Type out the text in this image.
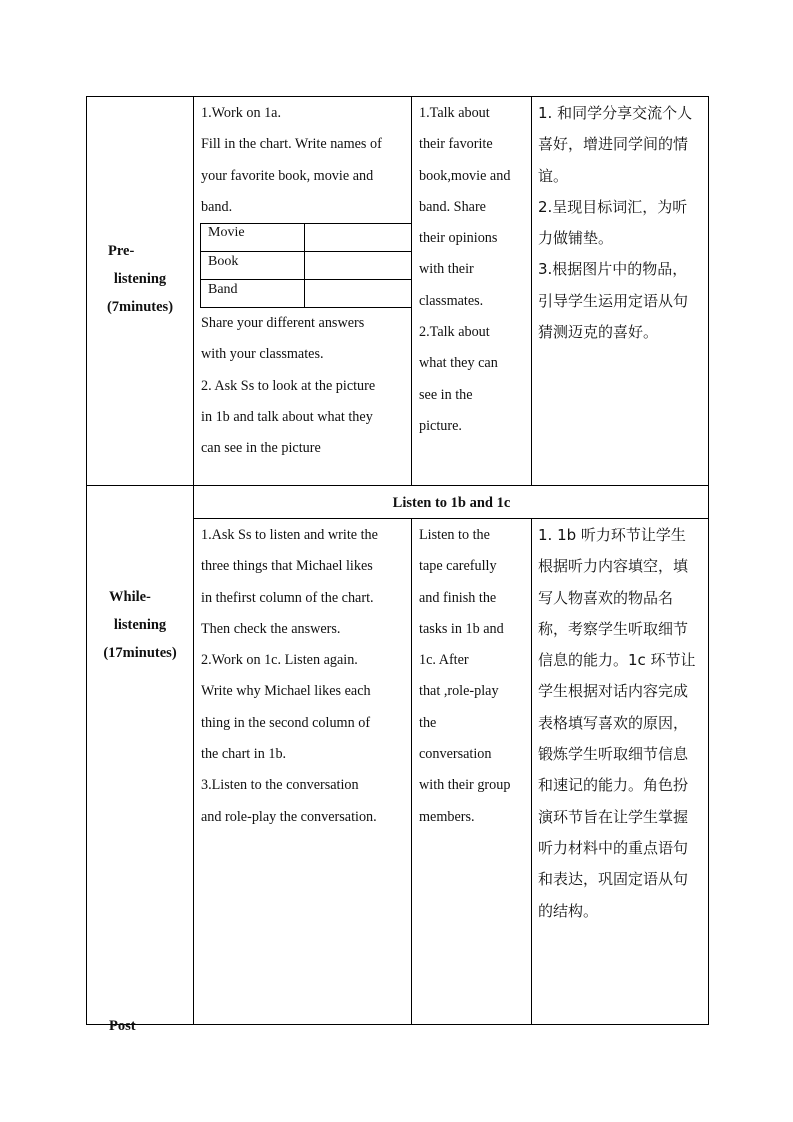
Pre-
listening
(7minutes)
1.Work on 1a.
Fill in the chart. Write names of
your favorite book, movie and
band.
Movie
Book
Band
Share your different answers
with your classmates.
2. Ask Ss to look at the picture
in 1b and talk about what they
can see in the picture
1.Talk about
their favorite
book,movie and
band. Share
their opinions
with their
classmates.
2.Talk about
what they can
see in the
picture.
1. 和同学分享交流个人
喜好，增进同学间的情
谊。
2.呈现目标词汇，为听
力做铺垫。
3.根据图片中的物品，
引导学生运用定语从句
猜测迈克的喜好。
While-
listening
(17minutes)
Listen to 1b and 1c
1.Ask Ss to listen and write the
three things that Michael likes
in thefirst column of the chart.
Then check the answers.
2.Work on 1c. Listen again.
Write why Michael likes each
thing in the second column of
the chart in 1b.
3.Listen to the conversation
and role-play the conversation.
Listen to the
tape carefully
and finish the
tasks in 1b and
1c. After
that ,role-play
the
conversation
with their group
members.
1. 1b 听力环节让学生
根据听力内容填空，填
写人物喜欢的物品名
称，考察学生听取细节
信息的能力。1c 环节让
学生根据对话内容完成
表格填写喜欢的原因，
锻炼学生听取细节信息
和速记的能力。角色扮
演环节旨在让学生掌握
听力材料中的重点语句
和表达，巩固定语从句
的结构。
Post
